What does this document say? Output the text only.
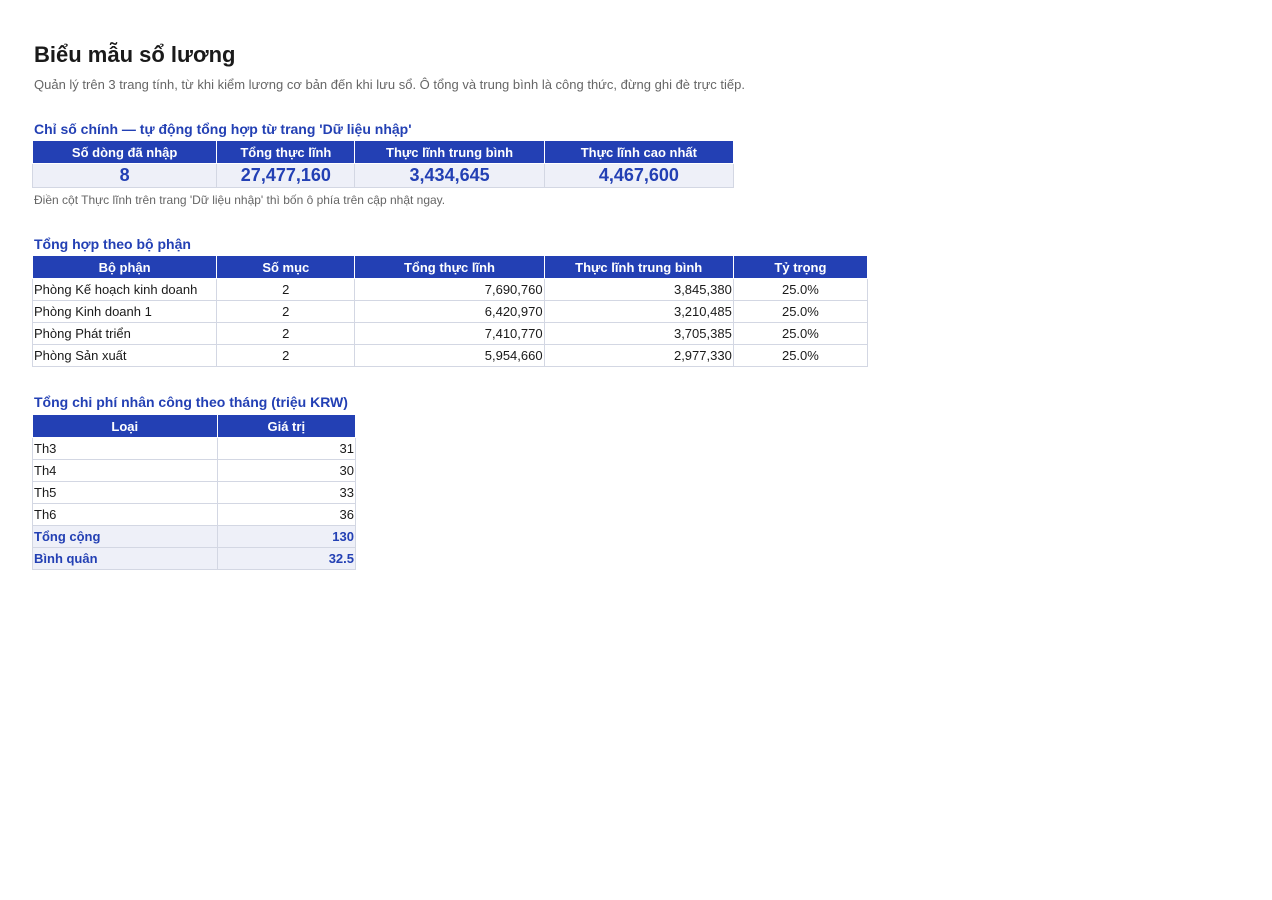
Biểu mẫu sổ lương
Quản lý trên 3 trang tính, từ khi kiểm lương cơ bản đến khi lưu sổ. Ô tổng và trung bình là công thức, đừng ghi đè trực tiếp.
Chỉ số chính — tự động tổng hợp từ trang 'Dữ liệu nhập'
Số dòng đã nhập	Tổng thực lĩnh	Thực lĩnh trung bình	Thực lĩnh cao nhất
8	27,477,160	3,434,645	4,467,600
Điền cột Thực lĩnh trên trang 'Dữ liệu nhập' thì bốn ô phía trên cập nhật ngay.
Tổng hợp theo bộ phận
Bộ phận	Số mục	Tổng thực lĩnh	Thực lĩnh trung bình	Tỷ trọng
Phòng Kế hoạch kinh doanh	2	7,690,760	3,845,380	25.0%
Phòng Kinh doanh 1	2	6,420,970	3,210,485	25.0%
Phòng Phát triển	2	7,410,770	3,705,385	25.0%
Phòng Sản xuất	2	5,954,660	2,977,330	25.0%
Tổng chi phí nhân công theo tháng (triệu KRW)
Loại	Giá trị
Th3	31
Th4	30
Th5	33
Th6	36
Tổng cộng	130
Bình quân	32.5
